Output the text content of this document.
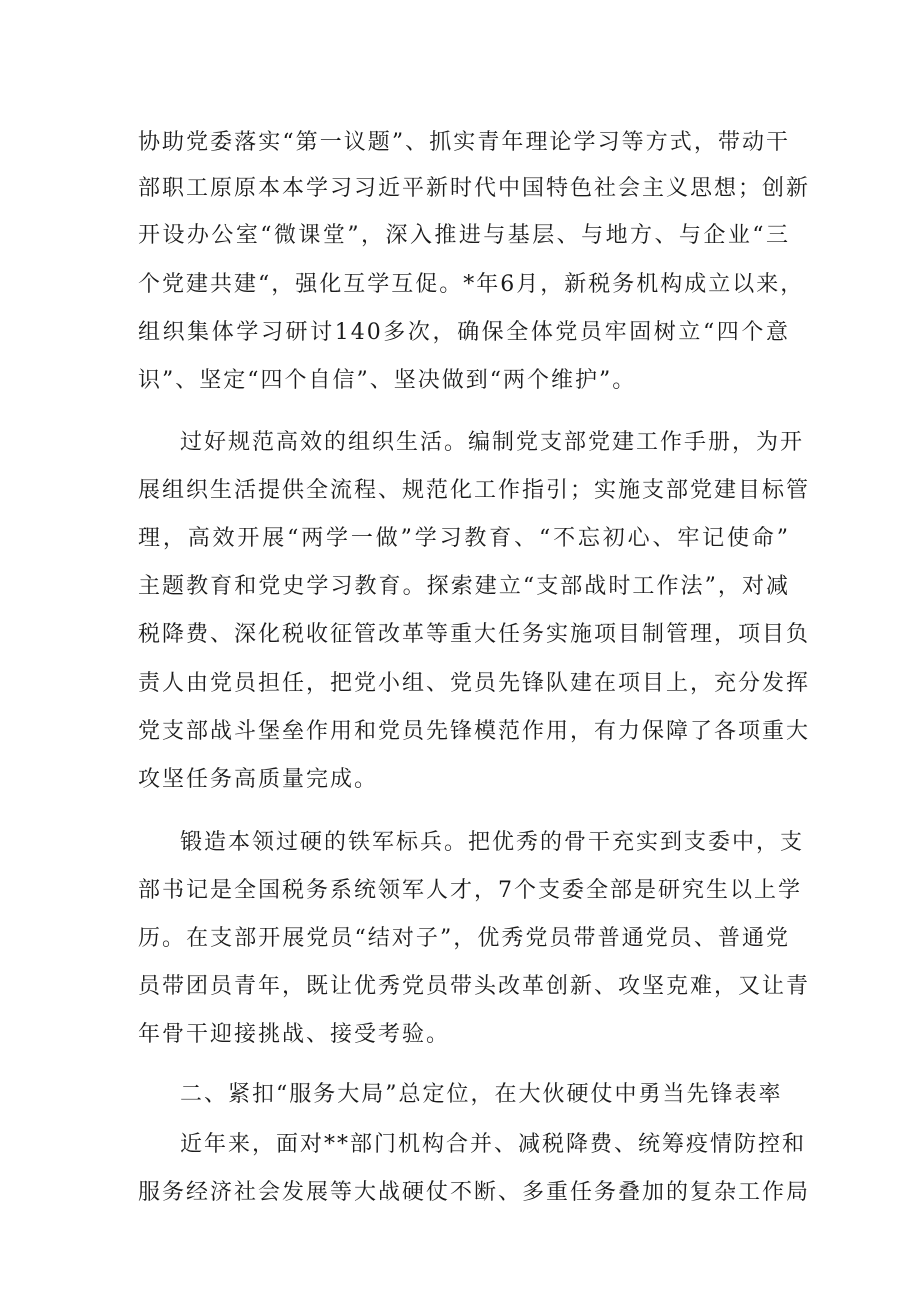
协助党委落实“第一议题”、抓实青年理论学习等方式，带动干
部职工原原本本学习习近平新时代中国特色社会主义思想；创新
开设办公室“微课堂”，深入推进与基层、与地方、与企业“三
个党建共建“，强化互学互促。*年6月，新税务机构成立以来，
组织集体学习研讨140多次，确保全体党员牢固树立“四个意
识”、坚定“四个自信”、坚决做到“两个维护”。
过好规范高效的组织生活。编制党支部党建工作手册，为开
展组织生活提供全流程、规范化工作指引；实施支部党建目标管
理，高效开展“两学一做”学习教育、“不忘初心、牢记使命”
主题教育和党史学习教育。探索建立“支部战时工作法”，对减
税降费、深化税收征管改革等重大任务实施项目制管理，项目负
责人由党员担任，把党小组、党员先锋队建在项目上，充分发挥
党支部战斗堡垒作用和党员先锋模范作用，有力保障了各项重大
攻坚任务高质量完成。
锻造本领过硬的铁军标兵。把优秀的骨干充实到支委中，支
部书记是全国税务系统领军人才，7个支委全部是研究生以上学
历。在支部开展党员“结对子”，优秀党员带普通党员、普通党
员带团员青年，既让优秀党员带头改革创新、攻坚克难，又让青
年骨干迎接挑战、接受考验。
二、紧扣“服务大局”总定位，在大伙硬仗中勇当先锋表率
近年来，面对**部门机构合并、减税降费、统筹疫情防控和
服务经济社会发展等大战硬仗不断、多重任务叠加的复杂工作局
